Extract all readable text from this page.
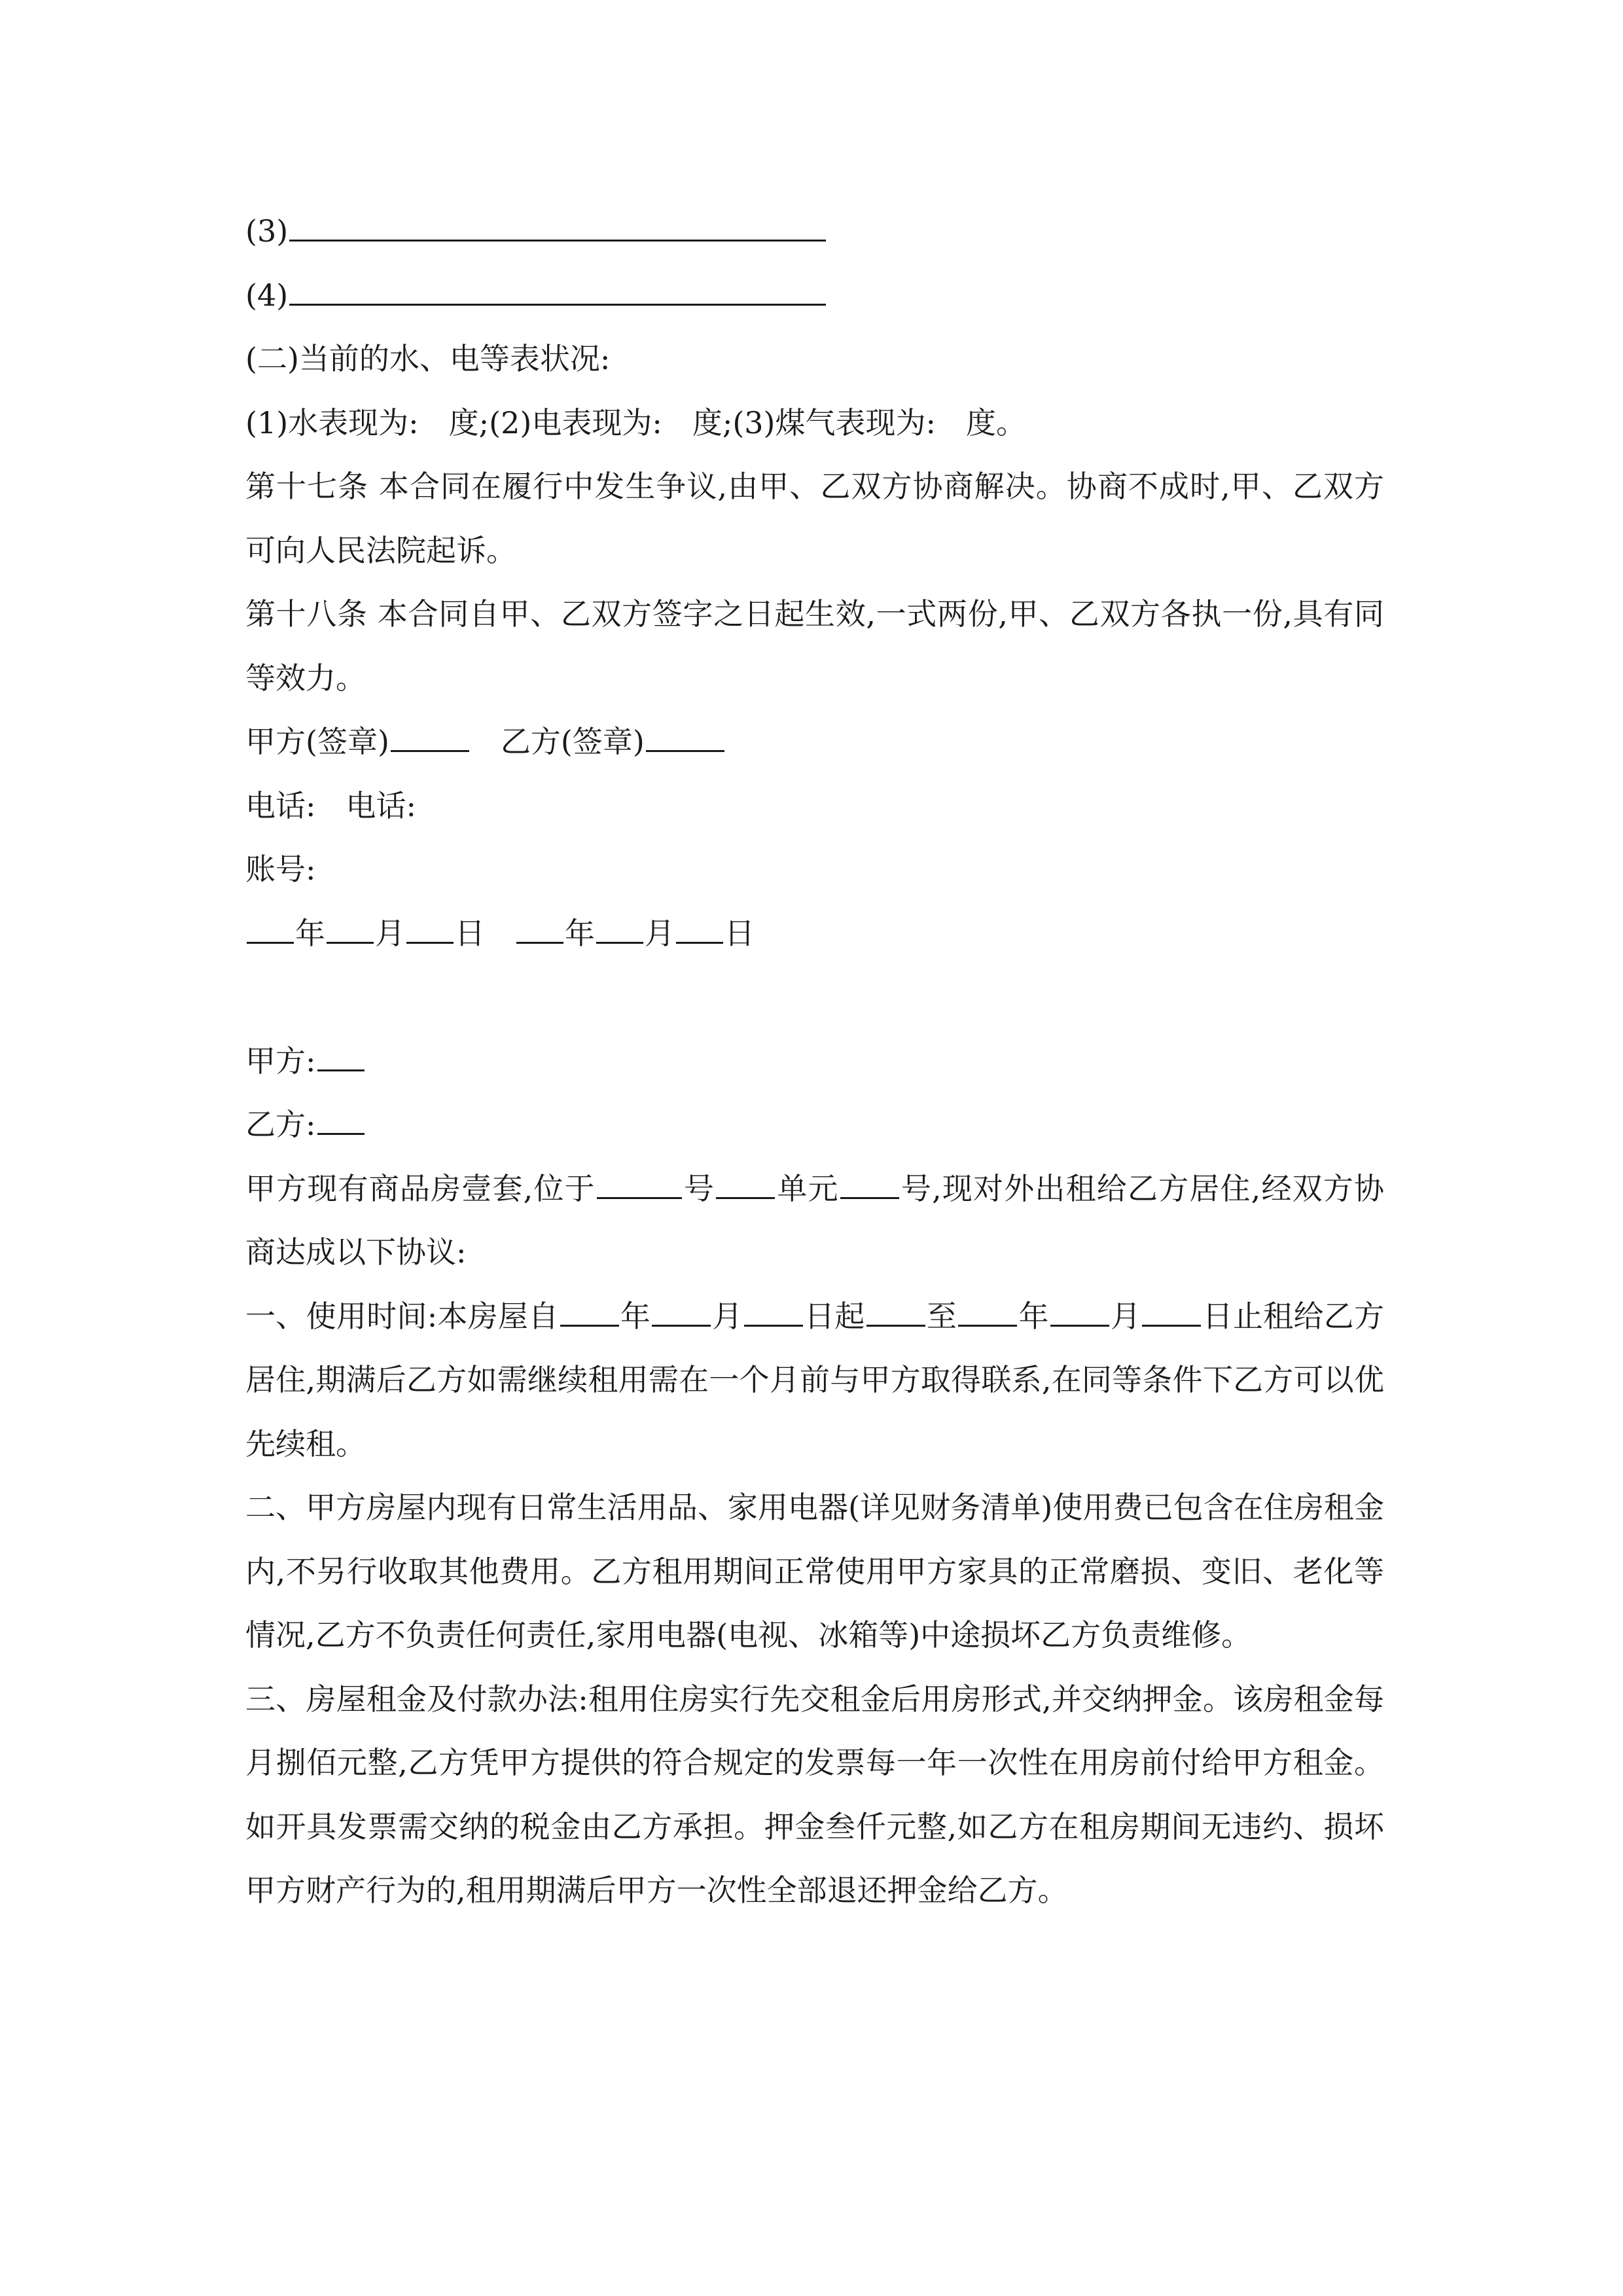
(3)
(4)
(二)当前的水、电等表状况:
(1)水表现为: 度;(2)电表现为: 度;(3)煤气表现为: 度。
第十七条 本合同在履行中发生争议,由甲、乙双方协商解决。协商不成时,甲、乙双方可向人民法院起诉。
第十八条 本合同自甲、乙双方签字之日起生效,一式两份,甲、乙双方各执一份,具有同等效力。
甲方(签章)	乙方(签章)
电话: 电话:
账号:
年 月 日	年 月 日
甲方:
乙方:
甲方现有商品房壹套,位于	号 单元 号,现对外出租给乙方居住,经双方协商达成以下协议:
一、使用时间:本房屋自 年 月 日起 至 年 月 日止租给乙方居住,期满后乙方如需继续租用需在一个月前与甲方取得联系,在同等条件下乙方可以优先续租。
二、甲方房屋内现有日常生活用品、家用电器(详见财务清单)使用费已包含在住房租金内,不另行收取其他费用。乙方租用期间正常使用甲方家具的正常磨损、变旧、老化等情况,乙方不负责任何责任,家用电器(电视、冰箱等)中途损坏乙方负责维修。
三、房屋租金及付款办法:租用住房实行先交租金后用房形式,并交纳押金。该房租金每月捌佰元整,乙方凭甲方提供的符合规定的发票每一年一次性在用房前付给甲方租金。如开具发票需交纳的税金由乙方承担。押金叁仟元整,如乙方在租房期间无违约、损坏甲方财产行为的,租用期满后甲方一次性全部退还押金给乙方。
